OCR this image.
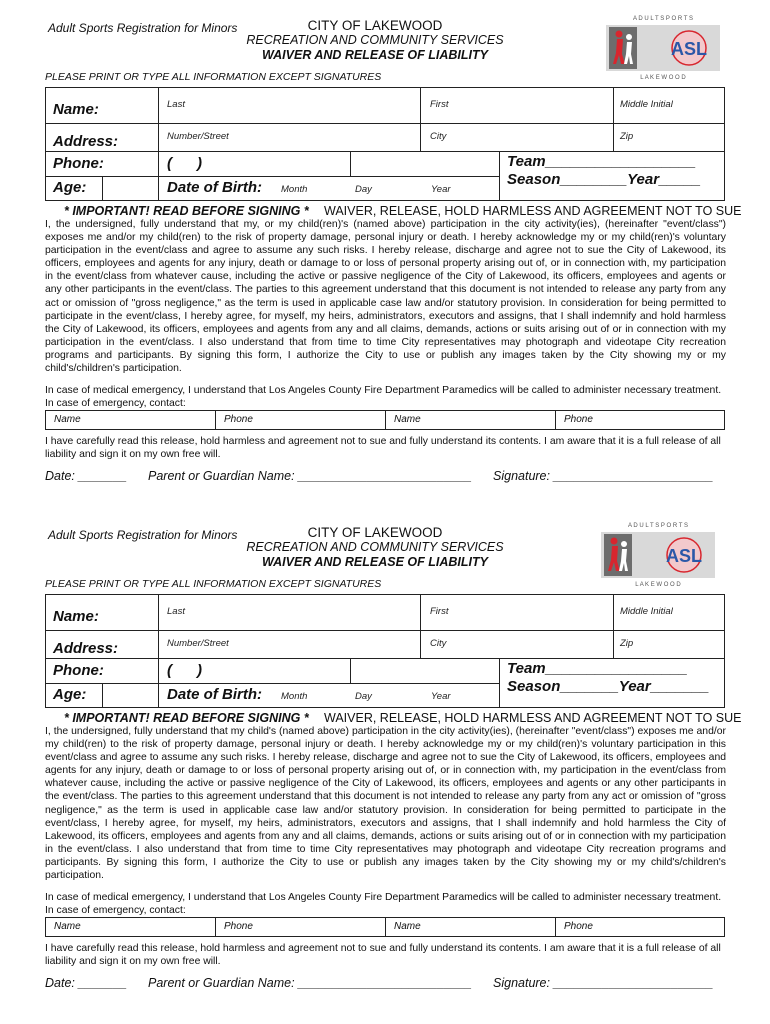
Adult Sports Registration for Minors	CITY OF LAKEWOOD
RECREATION AND COMMUNITY SERVICES
WAIVER AND RELEASE OF LIABILITY
A D U L T S P O R T S
ASL
L A K E W O O D
PLEASE PRINT OR TYPE ALL INFORMATION EXCEPT SIGNATURES
Name:	Last	First	Middle Initial
Address:	Number/Street	City	Zip
Phone:	(      )
Age:	Date of Birth: Month	Day	Year
Team__________________
Season________Year_____
* IMPORTANT! READ BEFORE SIGNING * WAIVER, RELEASE, HOLD HARMLESS AND AGREEMENT NOT TO SUE
I, the undersigned, fully understand that my, or my child(ren)'s (named above) participation in the city activity(ies), (hereinafter "event/class") exposes me and/or my child(ren) to the risk of property damage, personal injury or death. I hereby acknowledge my or my child(ren)'s voluntary participation in the event/class and agree to assume any such risks. I hereby release, discharge and agree not to sue the City of Lakewood, its officers, employees and agents for any injury, death or damage to or loss of personal property arising out of, or in connection with, my participation in the event/class from whatever cause, including the active or passive negligence of the City of Lakewood, its officers, employees and agents or any other participants in the event/class. The parties to this agreement understand that this document is not intended to release any party from any act or omission of "gross negligence," as the term is used in applicable case law and/or statutory provision. In consideration for being permitted to participate in the event/class, I hereby agree, for myself, my heirs, administrators, executors and assigns, that I shall indemnify and hold harmless the City of Lakewood, its officers, employees and agents from any and all claims, demands, actions or suits arising out of or in connection with my participation in the event/class. I also understand that from time to time City representatives may photograph and videotape City recreation programs and participants. By signing this form, I authorize the City to use or publish any images taken by the City showing my or my child's/children's participation.
In case of medical emergency, I understand that Los Angeles County Fire Department Paramedics will be called to administer necessary treatment. In case of emergency, contact:
Name	Phone	Name	Phone
I have carefully read this release, hold harmless and agreement not to sue and fully understand its contents. I am aware that it is a full release of all liability and sign it on my own free will.
Date: _______ Parent or Guardian Name: _________________________ Signature: _______________________
Adult Sports Registration for Minors	CITY OF LAKEWOOD
RECREATION AND COMMUNITY SERVICES
WAIVER AND RELEASE OF LIABILITY
A D U L T S P O R T S
ASL
L A K E W O O D
PLEASE PRINT OR TYPE ALL INFORMATION EXCEPT SIGNATURES
Name:	Last	First	Middle Initial
Address:	Number/Street	City	Zip
Phone:	(      )
Age:	Date of Birth: Month	Day	Year
Team_________________
Season_______Year_______
* IMPORTANT! READ BEFORE SIGNING * WAIVER, RELEASE, HOLD HARMLESS AND AGREEMENT NOT TO SUE
I, the undersigned, fully understand that my child's (named above) participation in the city activity(ies), (hereinafter "event/class") exposes me and/or my child(ren) to the risk of property damage, personal injury or death. I hereby acknowledge my or my child(ren)'s voluntary participation in this event/class and agree to assume any such risks. I hereby release, discharge and agree not to sue the City of Lakewood, its officers, employees and agents for any injury, death or damage to or loss of personal property arising out of, or in connection with, my participation in the event/class from whatever cause, including the active or passive negligence of the City of Lakewood, its officers, employees and agents or any other participants in the event/class. The parties to this agreement understand that this document is not intended to release any party from any act or omission of "gross negligence," as the term is used in applicable case law and/or statutory provision. In consideration for being permitted to participate in the event/class, I hereby agree, for myself, my heirs, administrators, executors and assigns, that I shall indemnify and hold harmless the City of Lakewood, its officers, employees and agents from any and all claims, demands, actions or suits arising out of or in connection with my participation in the event/class. I also understand that from time to time City representatives may photograph and videotape City recreation programs and participants. By signing this form, I authorize the City to use or publish any images taken by the City showing my or my child's/children's participation.
In case of medical emergency, I understand that Los Angeles County Fire Department Paramedics will be called to administer necessary treatment. In case of emergency, contact:
Name	Phone	Name	Phone
I have carefully read this release, hold harmless and agreement not to sue and fully understand its contents. I am aware that it is a full release of all liability and sign it on my own free will.
Date: _______ Parent or Guardian Name: _________________________ Signature: _______________________
